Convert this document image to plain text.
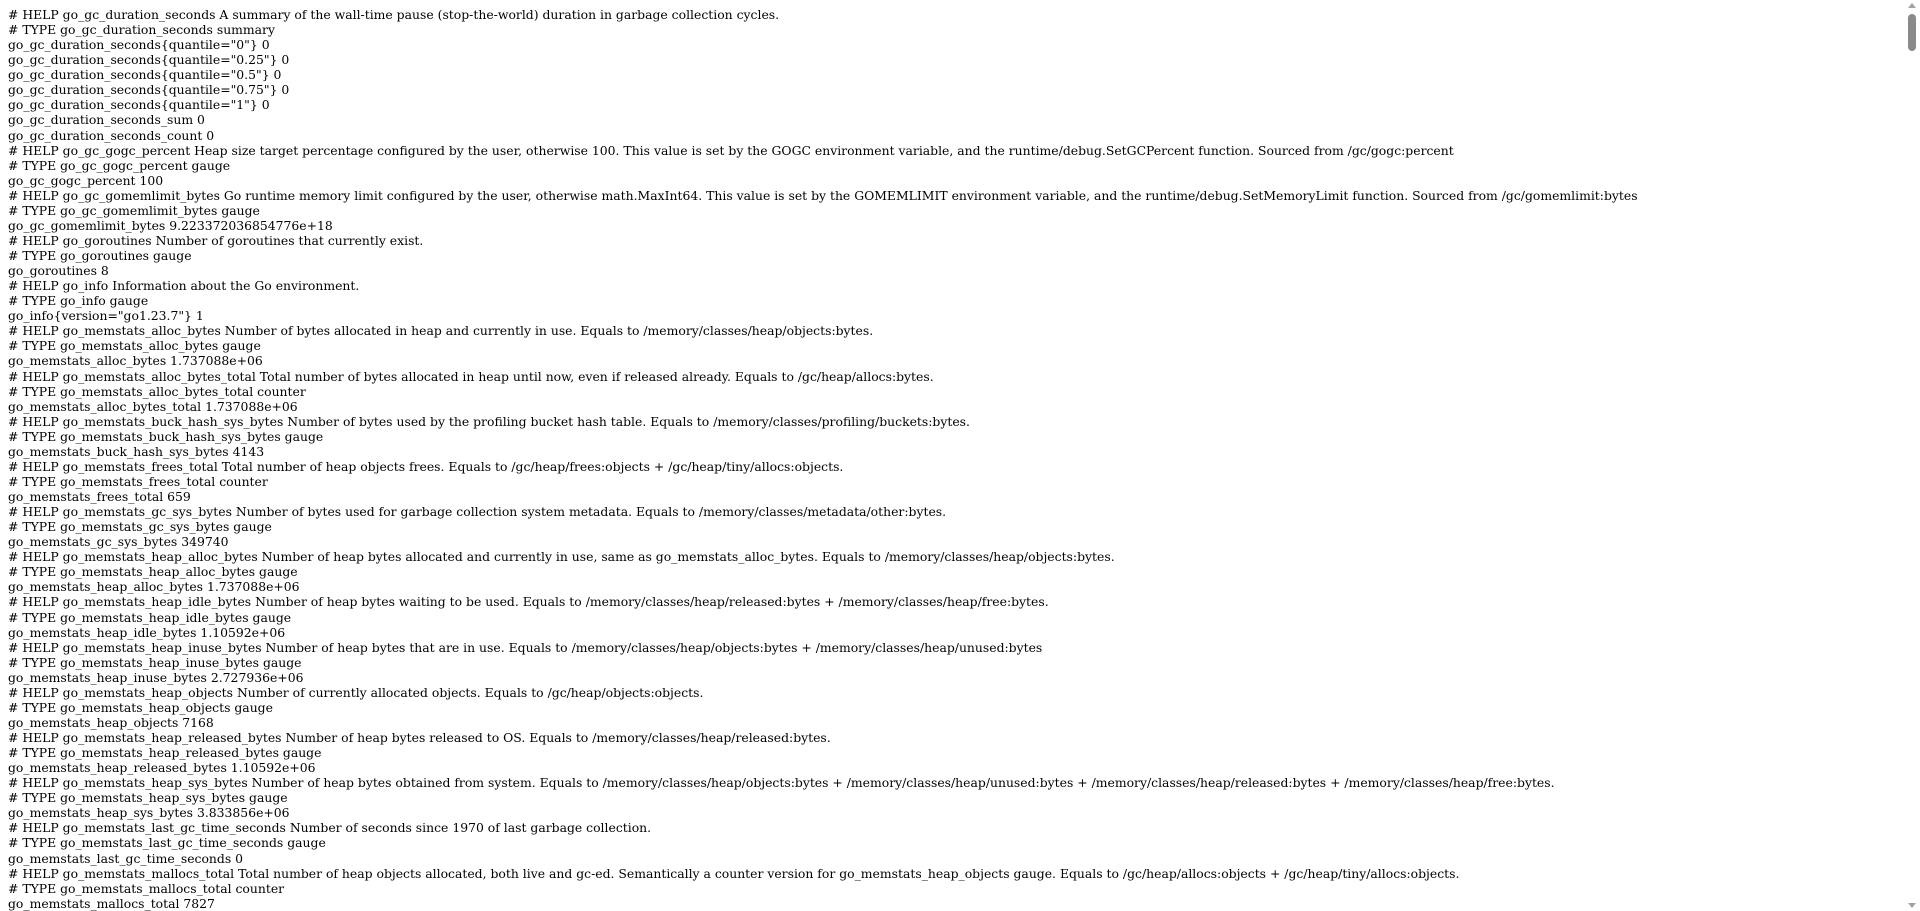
# HELP go_gc_duration_seconds A summary of the wall-time pause (stop-the-world) duration in garbage collection cycles.
# TYPE go_gc_duration_seconds summary
go_gc_duration_seconds{quantile="0"} 0
go_gc_duration_seconds{quantile="0.25"} 0
go_gc_duration_seconds{quantile="0.5"} 0
go_gc_duration_seconds{quantile="0.75"} 0
go_gc_duration_seconds{quantile="1"} 0
go_gc_duration_seconds_sum 0
go_gc_duration_seconds_count 0
# HELP go_gc_gogc_percent Heap size target percentage configured by the user, otherwise 100. This value is set by the GOGC environment variable, and the runtime/debug.SetGCPercent function. Sourced from /gc/gogc:percent
# TYPE go_gc_gogc_percent gauge
go_gc_gogc_percent 100
# HELP go_gc_gomemlimit_bytes Go runtime memory limit configured by the user, otherwise math.MaxInt64. This value is set by the GOMEMLIMIT environment variable, and the runtime/debug.SetMemoryLimit function. Sourced from /gc/gomemlimit:bytes
# TYPE go_gc_gomemlimit_bytes gauge
go_gc_gomemlimit_bytes 9.223372036854776e+18
# HELP go_goroutines Number of goroutines that currently exist.
# TYPE go_goroutines gauge
go_goroutines 8
# HELP go_info Information about the Go environment.
# TYPE go_info gauge
go_info{version="go1.23.7"} 1
# HELP go_memstats_alloc_bytes Number of bytes allocated in heap and currently in use. Equals to /memory/classes/heap/objects:bytes.
# TYPE go_memstats_alloc_bytes gauge
go_memstats_alloc_bytes 1.737088e+06
# HELP go_memstats_alloc_bytes_total Total number of bytes allocated in heap until now, even if released already. Equals to /gc/heap/allocs:bytes.
# TYPE go_memstats_alloc_bytes_total counter
go_memstats_alloc_bytes_total 1.737088e+06
# HELP go_memstats_buck_hash_sys_bytes Number of bytes used by the profiling bucket hash table. Equals to /memory/classes/profiling/buckets:bytes.
# TYPE go_memstats_buck_hash_sys_bytes gauge
go_memstats_buck_hash_sys_bytes 4143
# HELP go_memstats_frees_total Total number of heap objects frees. Equals to /gc/heap/frees:objects + /gc/heap/tiny/allocs:objects.
# TYPE go_memstats_frees_total counter
go_memstats_frees_total 659
# HELP go_memstats_gc_sys_bytes Number of bytes used for garbage collection system metadata. Equals to /memory/classes/metadata/other:bytes.
# TYPE go_memstats_gc_sys_bytes gauge
go_memstats_gc_sys_bytes 349740
# HELP go_memstats_heap_alloc_bytes Number of heap bytes allocated and currently in use, same as go_memstats_alloc_bytes. Equals to /memory/classes/heap/objects:bytes.
# TYPE go_memstats_heap_alloc_bytes gauge
go_memstats_heap_alloc_bytes 1.737088e+06
# HELP go_memstats_heap_idle_bytes Number of heap bytes waiting to be used. Equals to /memory/classes/heap/released:bytes + /memory/classes/heap/free:bytes.
# TYPE go_memstats_heap_idle_bytes gauge
go_memstats_heap_idle_bytes 1.10592e+06
# HELP go_memstats_heap_inuse_bytes Number of heap bytes that are in use. Equals to /memory/classes/heap/objects:bytes + /memory/classes/heap/unused:bytes
# TYPE go_memstats_heap_inuse_bytes gauge
go_memstats_heap_inuse_bytes 2.727936e+06
# HELP go_memstats_heap_objects Number of currently allocated objects. Equals to /gc/heap/objects:objects.
# TYPE go_memstats_heap_objects gauge
go_memstats_heap_objects 7168
# HELP go_memstats_heap_released_bytes Number of heap bytes released to OS. Equals to /memory/classes/heap/released:bytes.
# TYPE go_memstats_heap_released_bytes gauge
go_memstats_heap_released_bytes 1.10592e+06
# HELP go_memstats_heap_sys_bytes Number of heap bytes obtained from system. Equals to /memory/classes/heap/objects:bytes + /memory/classes/heap/unused:bytes + /memory/classes/heap/released:bytes + /memory/classes/heap/free:bytes.
# TYPE go_memstats_heap_sys_bytes gauge
go_memstats_heap_sys_bytes 3.833856e+06
# HELP go_memstats_last_gc_time_seconds Number of seconds since 1970 of last garbage collection.
# TYPE go_memstats_last_gc_time_seconds gauge
go_memstats_last_gc_time_seconds 0
# HELP go_memstats_mallocs_total Total number of heap objects allocated, both live and gc-ed. Semantically a counter version for go_memstats_heap_objects gauge. Equals to /gc/heap/allocs:objects + /gc/heap/tiny/allocs:objects.
# TYPE go_memstats_mallocs_total counter
go_memstats_mallocs_total 7827
